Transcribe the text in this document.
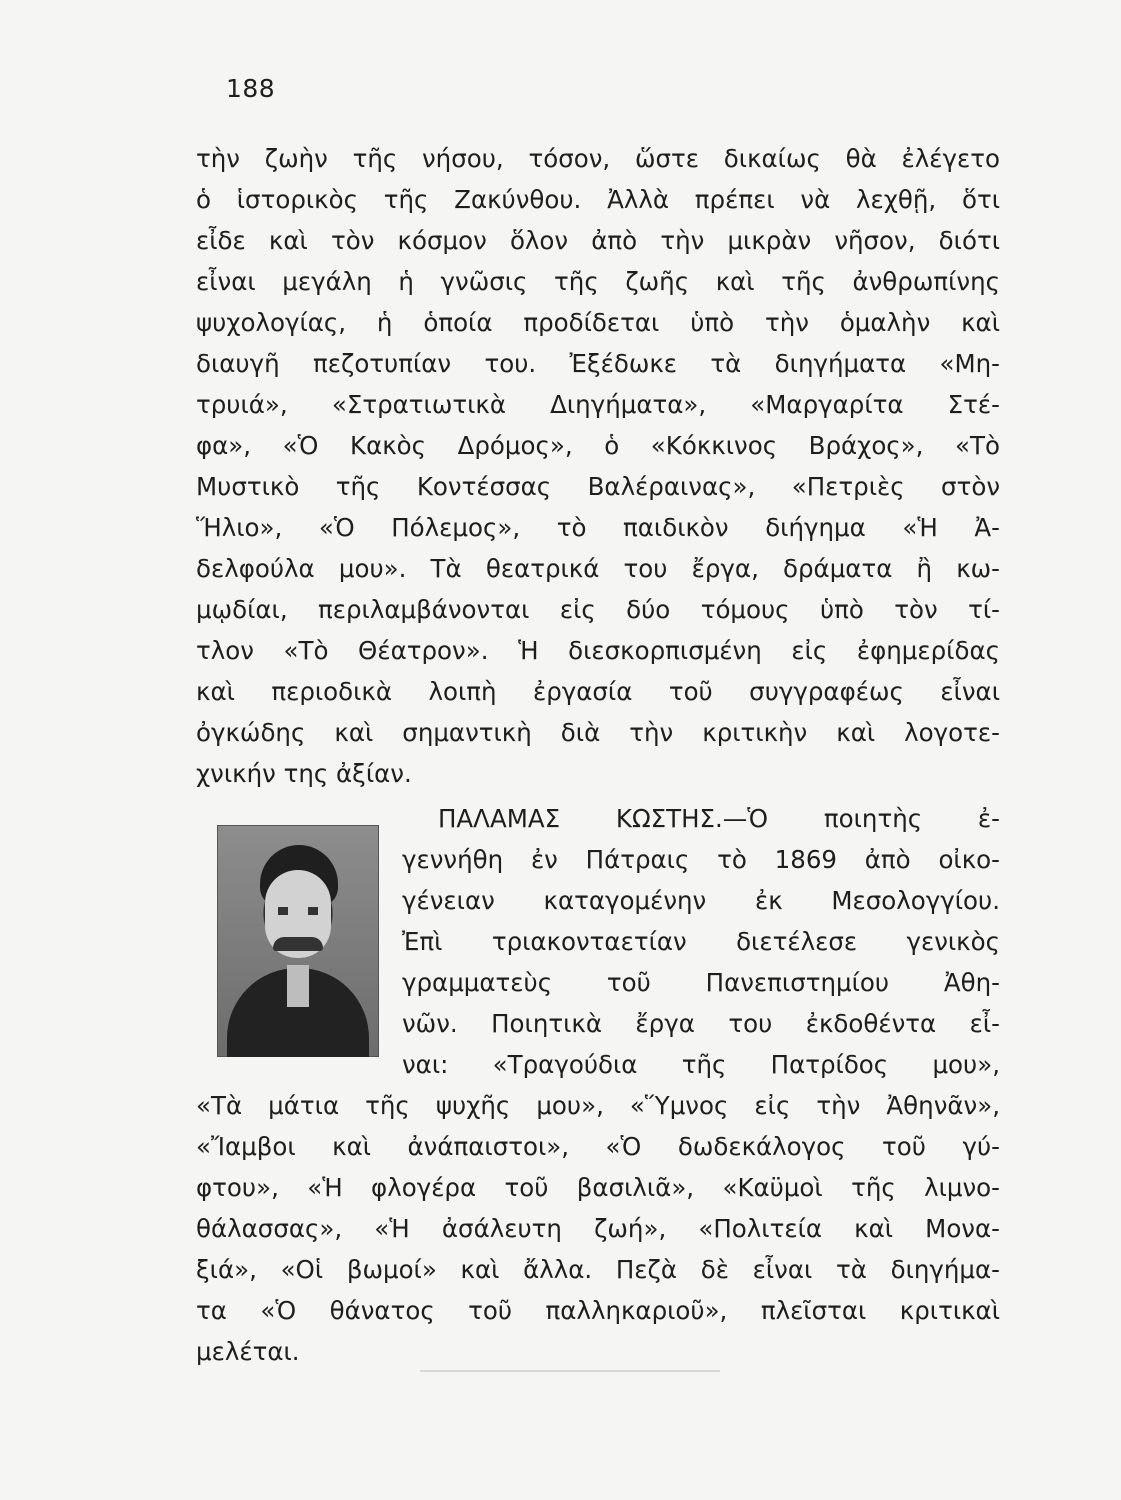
188
τὴν ζωὴν τῆς νήσου, τόσον, ὥστε δικαίως θὰ ἐλέγετο
ὁ ἱστορικὸς τῆς Ζακύνθου. Ἀλλὰ πρέπει νὰ λεχθῇ, ὅτι
εἶδε καὶ τὸν κόσμον ὅλον ἀπὸ τὴν μικρὰν νῆσον, διότι
εἶναι μεγάλη ἡ γνῶσις τῆς ζωῆς καὶ τῆς ἀνθρωπίνης
ψυχολογίας, ἡ ὁποία προδίδεται ὑπὸ τὴν ὁμαλὴν καὶ
διαυγῆ πεζοτυπίαν του. Ἐξέδωκε τὰ διηγήματα «Μη-
τρυιά», «Στρατιωτικὰ Διηγήματα», «Μαργαρίτα Στέ-
φα», «Ὁ Κακὸς Δρόμος», ὁ «Κόκκινος Βράχος», «Τὸ
Μυστικὸ τῆς Κοντέσσας Βαλέραινας», «Πετριὲς στὸν
Ἥλιο», «Ὁ Πόλεμος», τὸ παιδικὸν διήγημα «Ἡ Ἀ-
δελφούλα μου». Τὰ θεατρικά του ἔργα, δράματα ἢ κω-
μῳδίαι, περιλαμβάνονται εἰς δύο τόμους ὑπὸ τὸν τί-
τλον «Τὸ Θέατρον». Ἡ διεσκορπισμένη εἰς ἐφημερίδας
καὶ περιοδικὰ λοιπὴ ἐργασία τοῦ συγγραφέως εἶναι
ὀγκώδης καὶ σημαντικὴ διὰ τὴν κριτικὴν καὶ λογοτε-
χνικήν της ἀξίαν.
ΠΑΛΑΜΑΣ ΚΩΣΤΗΣ.—Ὁ ποιητὴς ἐ-
γεννήθη ἐν Πάτραις τὸ 1869 ἀπὸ οἰκο-
γένειαν καταγομένην ἐκ Μεσολογγίου.
Ἐπὶ τριακονταετίαν διετέλεσε γενικὸς
γραμματεὺς τοῦ Πανεπιστημίου Ἀθη-
νῶν. Ποιητικὰ ἔργα του ἐκδοθέντα εἶ-
ναι: «Τραγούδια τῆς Πατρίδος μου»,
«Τὰ μάτια τῆς ψυχῆς μου», «Ὕμνος εἰς τὴν Ἀθηνᾶν»,
«Ἴαμβοι καὶ ἀνάπαιστοι», «Ὁ δωδεκάλογος τοῦ γύ-
φτου», «Ἡ φλογέρα τοῦ βασιλιᾶ», «Καϋμοὶ τῆς λιμνο-
θάλασσας», «Ἡ ἀσάλευτη ζωή», «Πολιτεία καὶ Μονα-
ξιά», «Οἱ βωμοί» καὶ ἄλλα. Πεζὰ δὲ εἶναι τὰ διηγήμα-
τα «Ὁ θάνατος τοῦ παλληκαριοῦ», πλεῖσται κριτικαὶ
μελέται.
